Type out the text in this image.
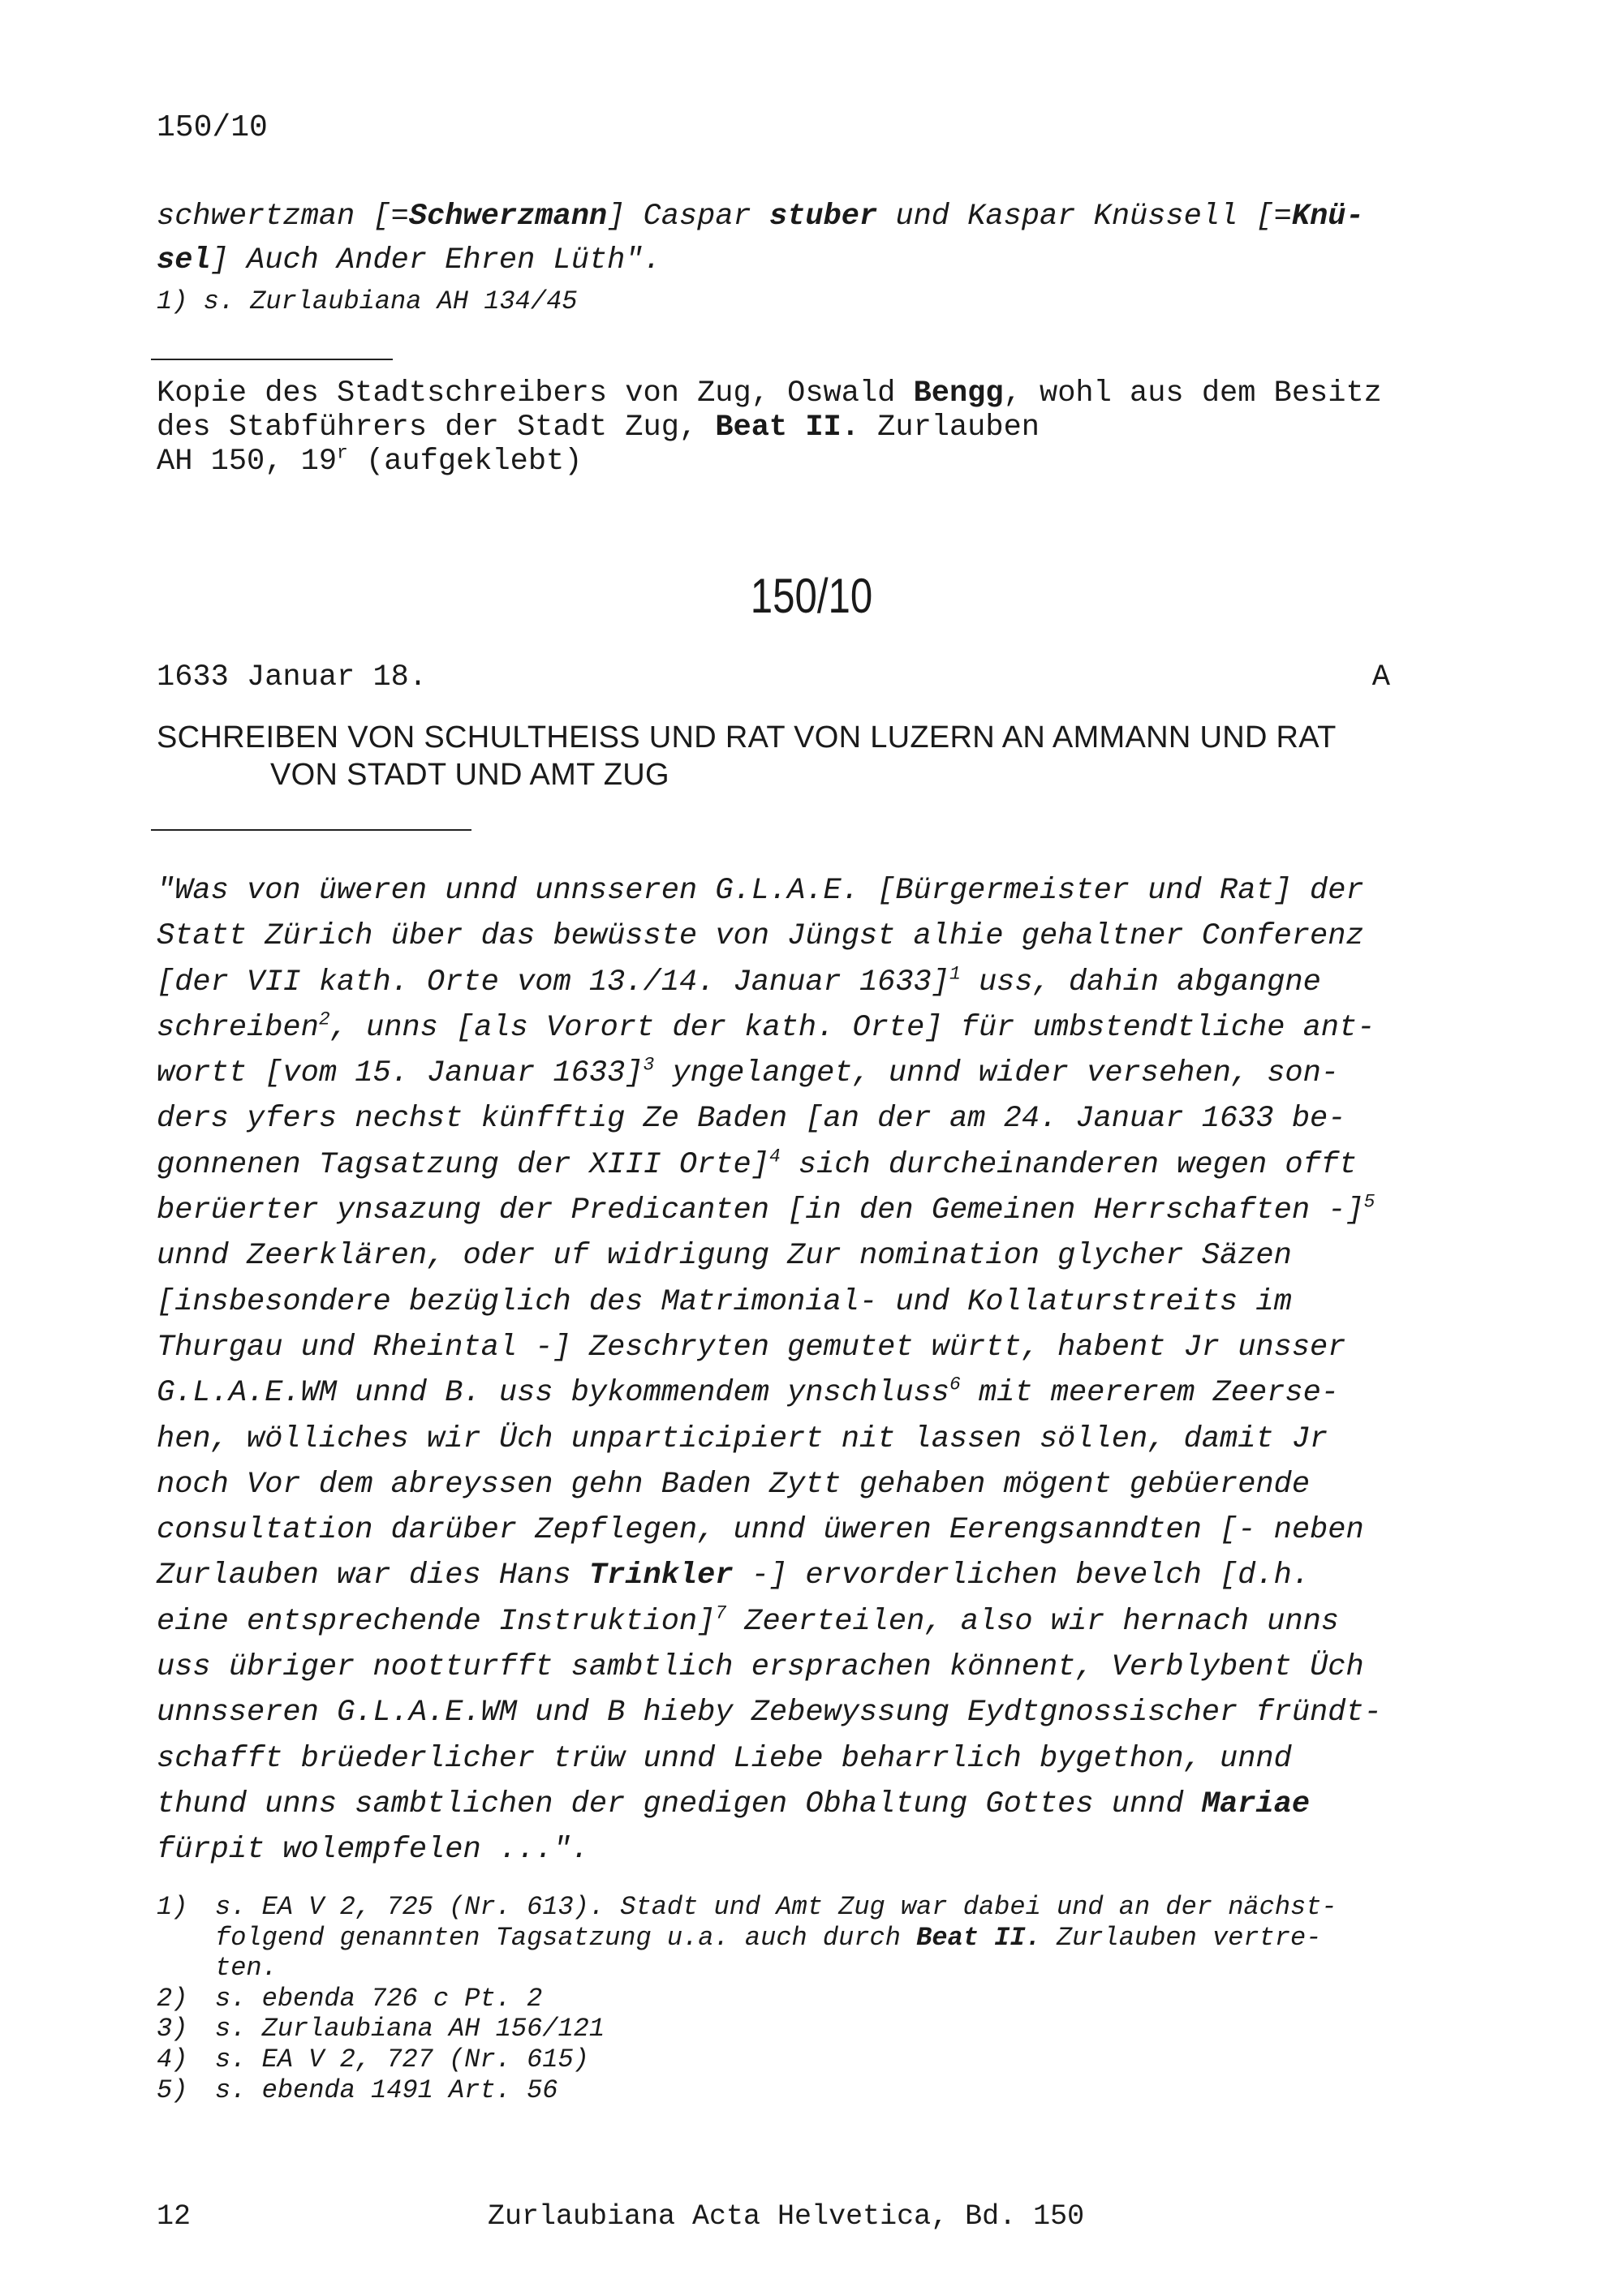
150/10
schwertzman [=Schwerzmann] Caspar stuber und Kaspar Knüssell [=Knü-
sel] Auch Ander Ehren Lüth".
1) s. Zurlaubiana AH 134/45
Kopie des Stadtschreibers von Zug, Oswald Bengg, wohl aus dem Besitz
des Stabführers der Stadt Zug, Beat II. Zurlauben
AH 150, 19$^r$ (aufgeklebt)
150/10
1633 Januar 18.	A
SCHREIBEN VON SCHULTHEISS UND RAT VON LUZERN AN AMMANN UND RAT
VON STADT UND AMT ZUG
"Was von üweren unnd unnsseren G.L.A.E. [Bürgermeister und Rat] der
Statt Zürich über das bewüsste von Jüngst alhie gehaltner Conferenz
[der VII kath. Orte vom 13./14. Januar 1633]$^1$ uss, dahin abgangne
schreiben$^2$, unns [als Vorort der kath. Orte] für umbstendtliche ant-
wortt [vom 15. Januar 1633]$^3$ yngelanget, unnd wider versehen, son-
ders yfers nechst künfftig Ze Baden [an der am 24. Januar 1633 be-
gonnenen Tagsatzung der XIII Orte]$^4$ sich durcheinanderen wegen offt
berüerter ynsazung der Predicanten [in den Gemeinen Herrschaften -]$^5$
unnd Zeerklären, oder uf widrigung Zur nomination glycher Säzen
[insbesondere bezüglich des Matrimonial- und Kollaturstreits im
Thurgau und Rheintal -] Zeschryten gemutet württ, habent Jr unsser
G.L.A.E.WM unnd B. uss bykommendem ynschluss$^6$ mit meererem Zeerse-
hen, wölliches wir Üch unparticipiert nit lassen söllen, damit Jr
noch Vor dem abreyssen gehn Baden Zytt gehaben mögent gebüerende
consultation darüber Zepflegen, unnd üweren Eerengsanndten [- neben
Zurlauben war dies Hans Trinkler -] ervorderlichen bevelch [d.h.
eine entsprechende Instruktion]$^7$ Zeerteilen, also wir hernach unns
uss übriger nootturfft sambtlich ersprachen könnent, Verblybent Üch
unnsseren G.L.A.E.WM und B hieby Zebewyssung Eydtgnossischer fründt-
schafft brüederlicher trüw unnd Liebe beharrlich bygethon, unnd
thund unns sambtlichen der gnedigen Obhaltung Gottes unnd Mariae
fürpit wolempfelen ...".
1)	s. EA V 2, 725 (Nr. 613). Stadt und Amt Zug war dabei und an der nächst-
folgend genannten Tagsatzung u.a. auch durch Beat II. Zurlauben vertre-
ten.
2)	s. ebenda 726 c Pt. 2
3)	s. Zurlaubiana AH 156/121
4)	s. EA V 2, 727 (Nr. 615)
5)	s. ebenda 1491 Art. 56
12	Zurlaubiana Acta Helvetica, Bd. 150
